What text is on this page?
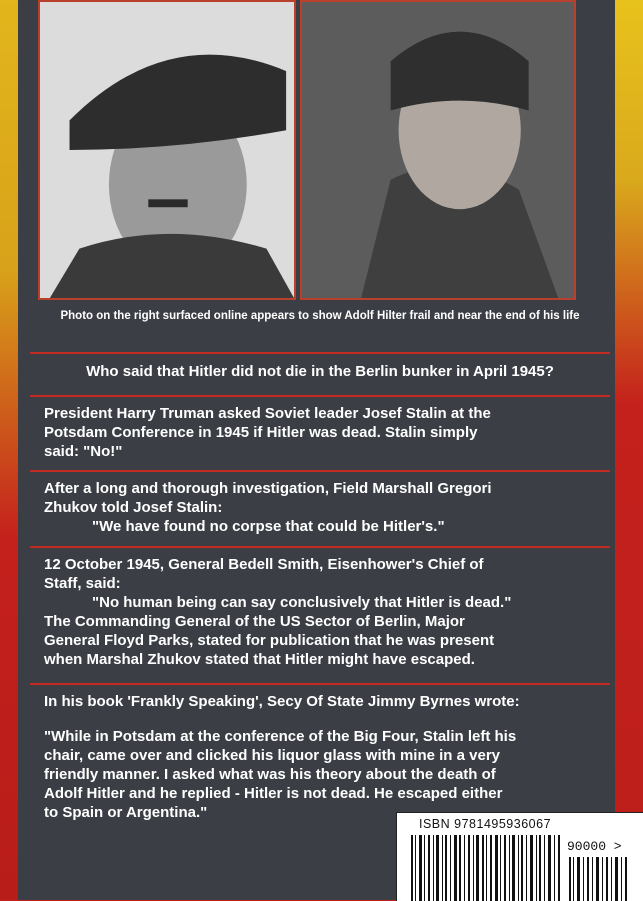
Photo on the right surfaced online appears to show Adolf Hilter frail and near the end of his life
Who said that Hitler did not die in the Berlin bunker in April 1945?
President Harry Truman asked Soviet leader Josef Stalin at the
Potsdam Conference in 1945 if Hitler was dead. Stalin simply
said: "No!"
After a long and thorough investigation, Field Marshall Gregori
Zhukov told Josef Stalin:
"We have found no corpse that could be Hitler's."
12 October 1945, General Bedell Smith, Eisenhower's Chief of
Staff, said:
"No human being can say conclusively that Hitler is dead."
The Commanding General of the US Sector of Berlin, Major
General Floyd Parks, stated for publication that he was present
when Marshal Zhukov stated that Hitler might have escaped.
In his book 'Frankly Speaking', Secy Of State Jimmy Byrnes wrote:
"While in Potsdam at the conference of the Big Four, Stalin left his
chair, came over and clicked his liquor glass with mine in a very
friendly manner. I asked what was his theory about the death of
Adolf Hitler and he replied - Hitler is not dead. He escaped either
to Spain or Argentina."
ISBN 9781495936067
90000 >
